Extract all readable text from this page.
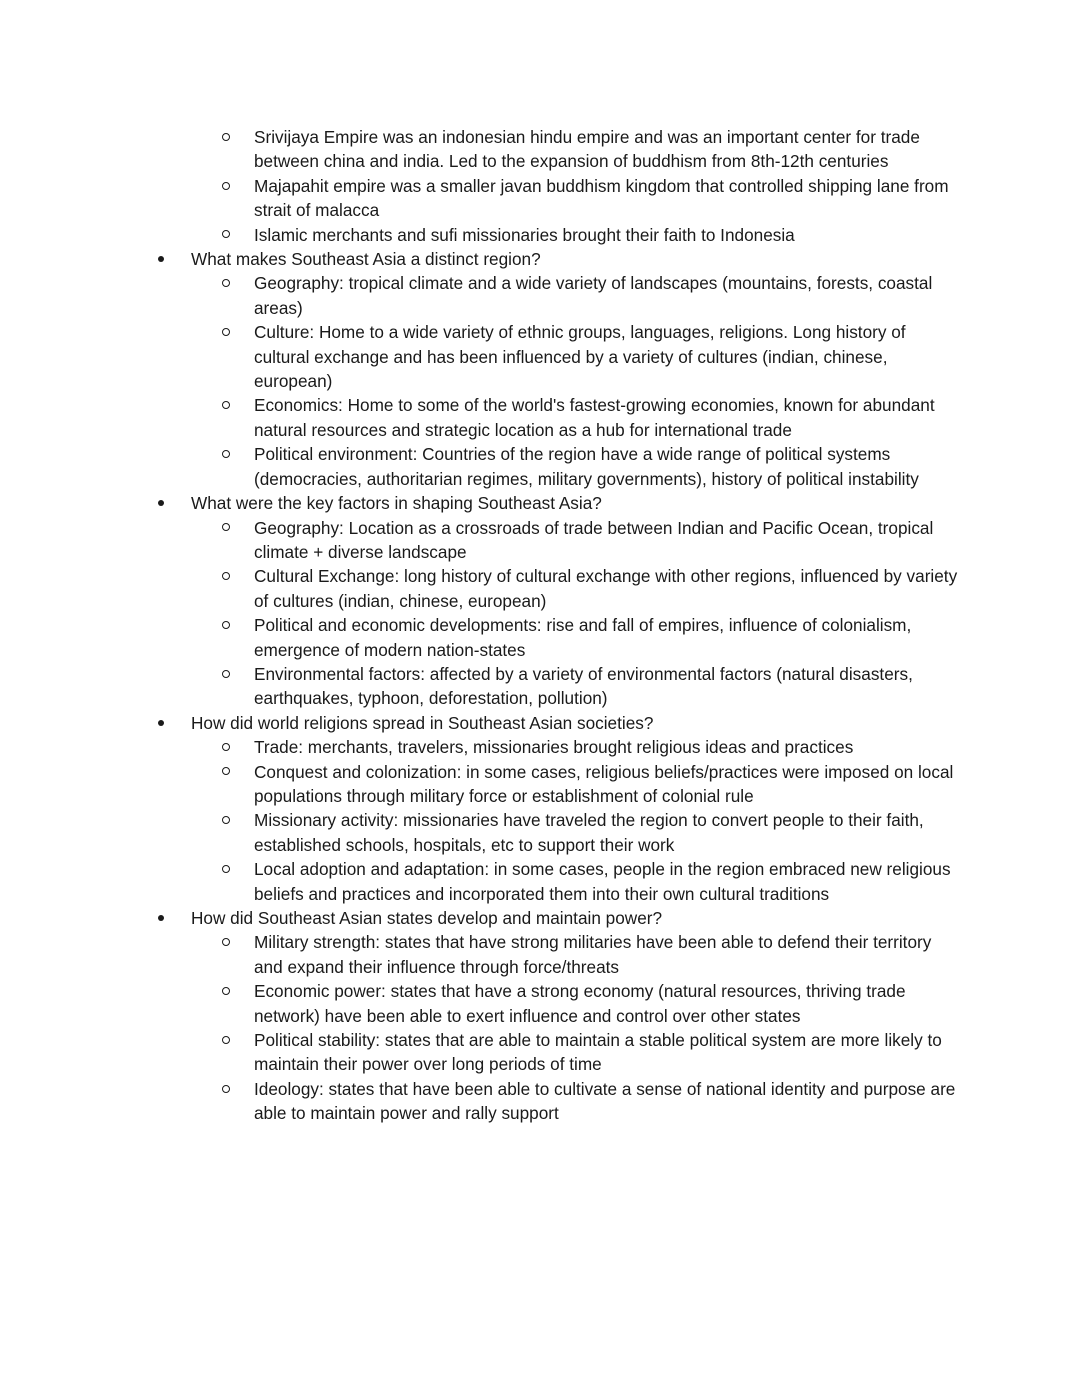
Srivijaya Empire was an indonesian hindu empire and was an important center for trade between china and india. Led to the expansion of buddhism from 8th-12th centuries
Majapahit empire was a smaller javan buddhism kingdom that controlled shipping lane from strait of malacca
Islamic merchants and sufi missionaries brought their faith to Indonesia
What makes Southeast Asia a distinct region?
Geography: tropical climate and a wide variety of landscapes (mountains, forests, coastal areas)
Culture: Home to a wide variety of ethnic groups, languages, religions. Long history of cultural exchange and has been influenced by a variety of cultures (indian, chinese, european)
Economics: Home to some of the world's fastest-growing economies, known for abundant natural resources and strategic location as a hub for international trade
Political environment: Countries of the region have a wide range of political systems (democracies, authoritarian regimes, military governments), history of political instability
What were the key factors in shaping Southeast Asia?
Geography: Location as a crossroads of trade between Indian and Pacific Ocean, tropical climate + diverse landscape
Cultural Exchange: long history of cultural exchange with other regions, influenced by variety of cultures (indian, chinese, european)
Political and economic developments: rise and fall of empires, influence of colonialism, emergence of modern nation-states
Environmental factors: affected by a variety of environmental factors (natural disasters, earthquakes, typhoon, deforestation, pollution)
How did world religions spread in Southeast Asian societies?
Trade: merchants, travelers, missionaries brought religious ideas and practices
Conquest and colonization: in some cases, religious beliefs/practices were imposed on local populations through military force or establishment of colonial rule
Missionary activity: missionaries have traveled the region to convert people to their faith, established schools, hospitals, etc to support their work
Local adoption and adaptation: in some cases, people in the region embraced new religious beliefs and practices and incorporated them into their own cultural traditions
How did Southeast Asian states develop and maintain power?
Military strength: states that have strong militaries have been able to defend their territory and expand their influence through force/threats
Economic power: states that have a strong economy (natural resources, thriving trade network) have been able to exert influence and control over other states
Political stability: states that are able to maintain a stable political system are more likely to maintain their power over long periods of time
Ideology: states that have been able to cultivate a sense of national identity and purpose are able to maintain power and rally support
